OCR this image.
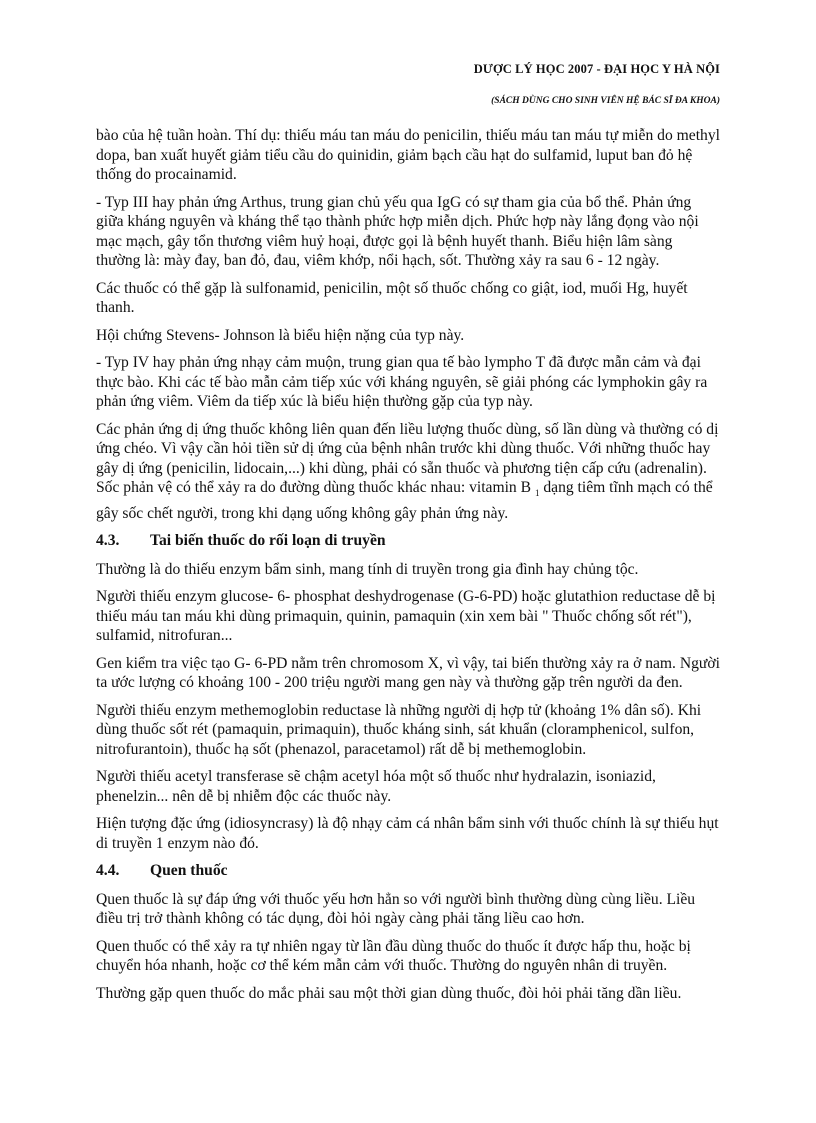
DƯỢC LÝ HỌC 2007 - ĐẠI HỌC Y HÀ NỘI
(SÁCH DÙNG CHO SINH VIÊN HỆ BÁC SĨ ĐA KHOA)

bào của hệ tuần hoàn. Thí dụ: thiếu máu tan máu do penicilin, thiếu máu tan máu tự miễn do methyl dopa, ban xuất huyết giảm tiểu cầu do quinidin, giảm bạch cầu hạt do sulfamid, luput ban đỏ hệ thống do procainamid.

- Typ III hay phản ứng Arthus, trung gian chủ yếu qua IgG có sự tham gia của bổ thể. Phản ứng giữa kháng nguyên và kháng thể tạo thành phức hợp miễn dịch. Phức hợp này lắng đọng vào nội mạc mạch, gây tổn thương viêm huỷ hoại, được gọi là bệnh huyết thanh. Biểu hiện lâm sàng thường là: mày đay, ban đỏ, đau, viêm khớp, nổi hạch, sốt. Thường xảy ra sau 6 - 12 ngày.

Các thuốc có thể gặp là sulfonamid, penicilin, một số thuốc chống co giật, iod, muối Hg, huyết thanh.

Hội chứng Stevens- Johnson là biểu hiện nặng của typ này.

- Typ IV hay phản ứng nhạy cảm muộn, trung gian qua tế bào lympho T đã được mẫn cảm và đại thực bào. Khi các tế bào mẫn cảm tiếp xúc với kháng nguyên, sẽ giải phóng các lymphokin gây ra phản ứng viêm. Viêm da tiếp xúc là biểu hiện thường gặp của typ này.

Các phản ứng dị ứng thuốc không liên quan đến liều lượng thuốc dùng, số lần dùng và thường có dị ứng chéo. Vì vậy cần hỏi tiền sử dị ứng của bệnh nhân trước khi dùng thuốc. Với những thuốc hay gây dị ứng (penicilin, lidocain,...) khi dùng, phải có sẵn thuốc và phương tiện cấp cứu (adrenalin). Sốc phản vệ có thể xảy ra do đường dùng thuốc khác nhau: vitamin B $_1$ dạng tiêm tĩnh mạch có thể gây sốc chết người, trong khi dạng uống không gây phản ứng này.

4.3.	Tai biến thuốc do rối loạn di truyền

Thường là do thiếu enzym bẩm sinh, mang tính di truyền trong gia đình hay chủng tộc.

Người thiếu enzym glucose- 6- phosphat deshydrogenase (G-6-PD) hoặc glutathion reductase dễ bị thiếu máu tan máu khi dùng primaquin, quinin, pamaquin (xin xem bài " Thuốc chống sốt rét"), sulfamid, nitrofuran...

Gen kiểm tra việc tạo G- 6-PD nằm trên chromosom X, vì vậy, tai biến thường xảy ra ở nam. Người ta ước lượng có khoảng 100 - 200 triệu người mang gen này và thường gặp trên người da đen.

Người thiếu enzym methemoglobin reductase là những người dị hợp tử (khoảng 1% dân số). Khi dùng thuốc sốt rét (pamaquin, primaquin), thuốc kháng sinh, sát khuẩn (cloramphenicol, sulfon, nitrofurantoin), thuốc hạ sốt (phenazol, paracetamol) rất dễ bị methemoglobin.

Người thiếu acetyl transferase sẽ chậm acetyl hóa một số thuốc như hydralazin, isoniazid, phenelzin... nên dễ bị nhiễm độc các thuốc này.

Hiện tượng đặc ứng (idiosyncrasy) là độ nhạy cảm cá nhân bẩm sinh với thuốc chính là sự thiếu hụt di truyền 1 enzym nào đó.

4.4.	Quen thuốc

Quen thuốc là sự đáp ứng với thuốc yếu hơn hẳn so với người bình thường dùng cùng liều. Liều điều trị trở thành không có tác dụng, đòi hỏi ngày càng phải tăng liều cao hơn.

Quen thuốc có thể xảy ra tự nhiên ngay từ lần đầu dùng thuốc do thuốc ít được hấp thu, hoặc bị chuyển hóa nhanh, hoặc cơ thể kém mẫn cảm với thuốc. Thường do nguyên nhân di truyền.

Thường gặp quen thuốc do mắc phải sau một thời gian dùng thuốc, đòi hỏi phải tăng dần liều.
